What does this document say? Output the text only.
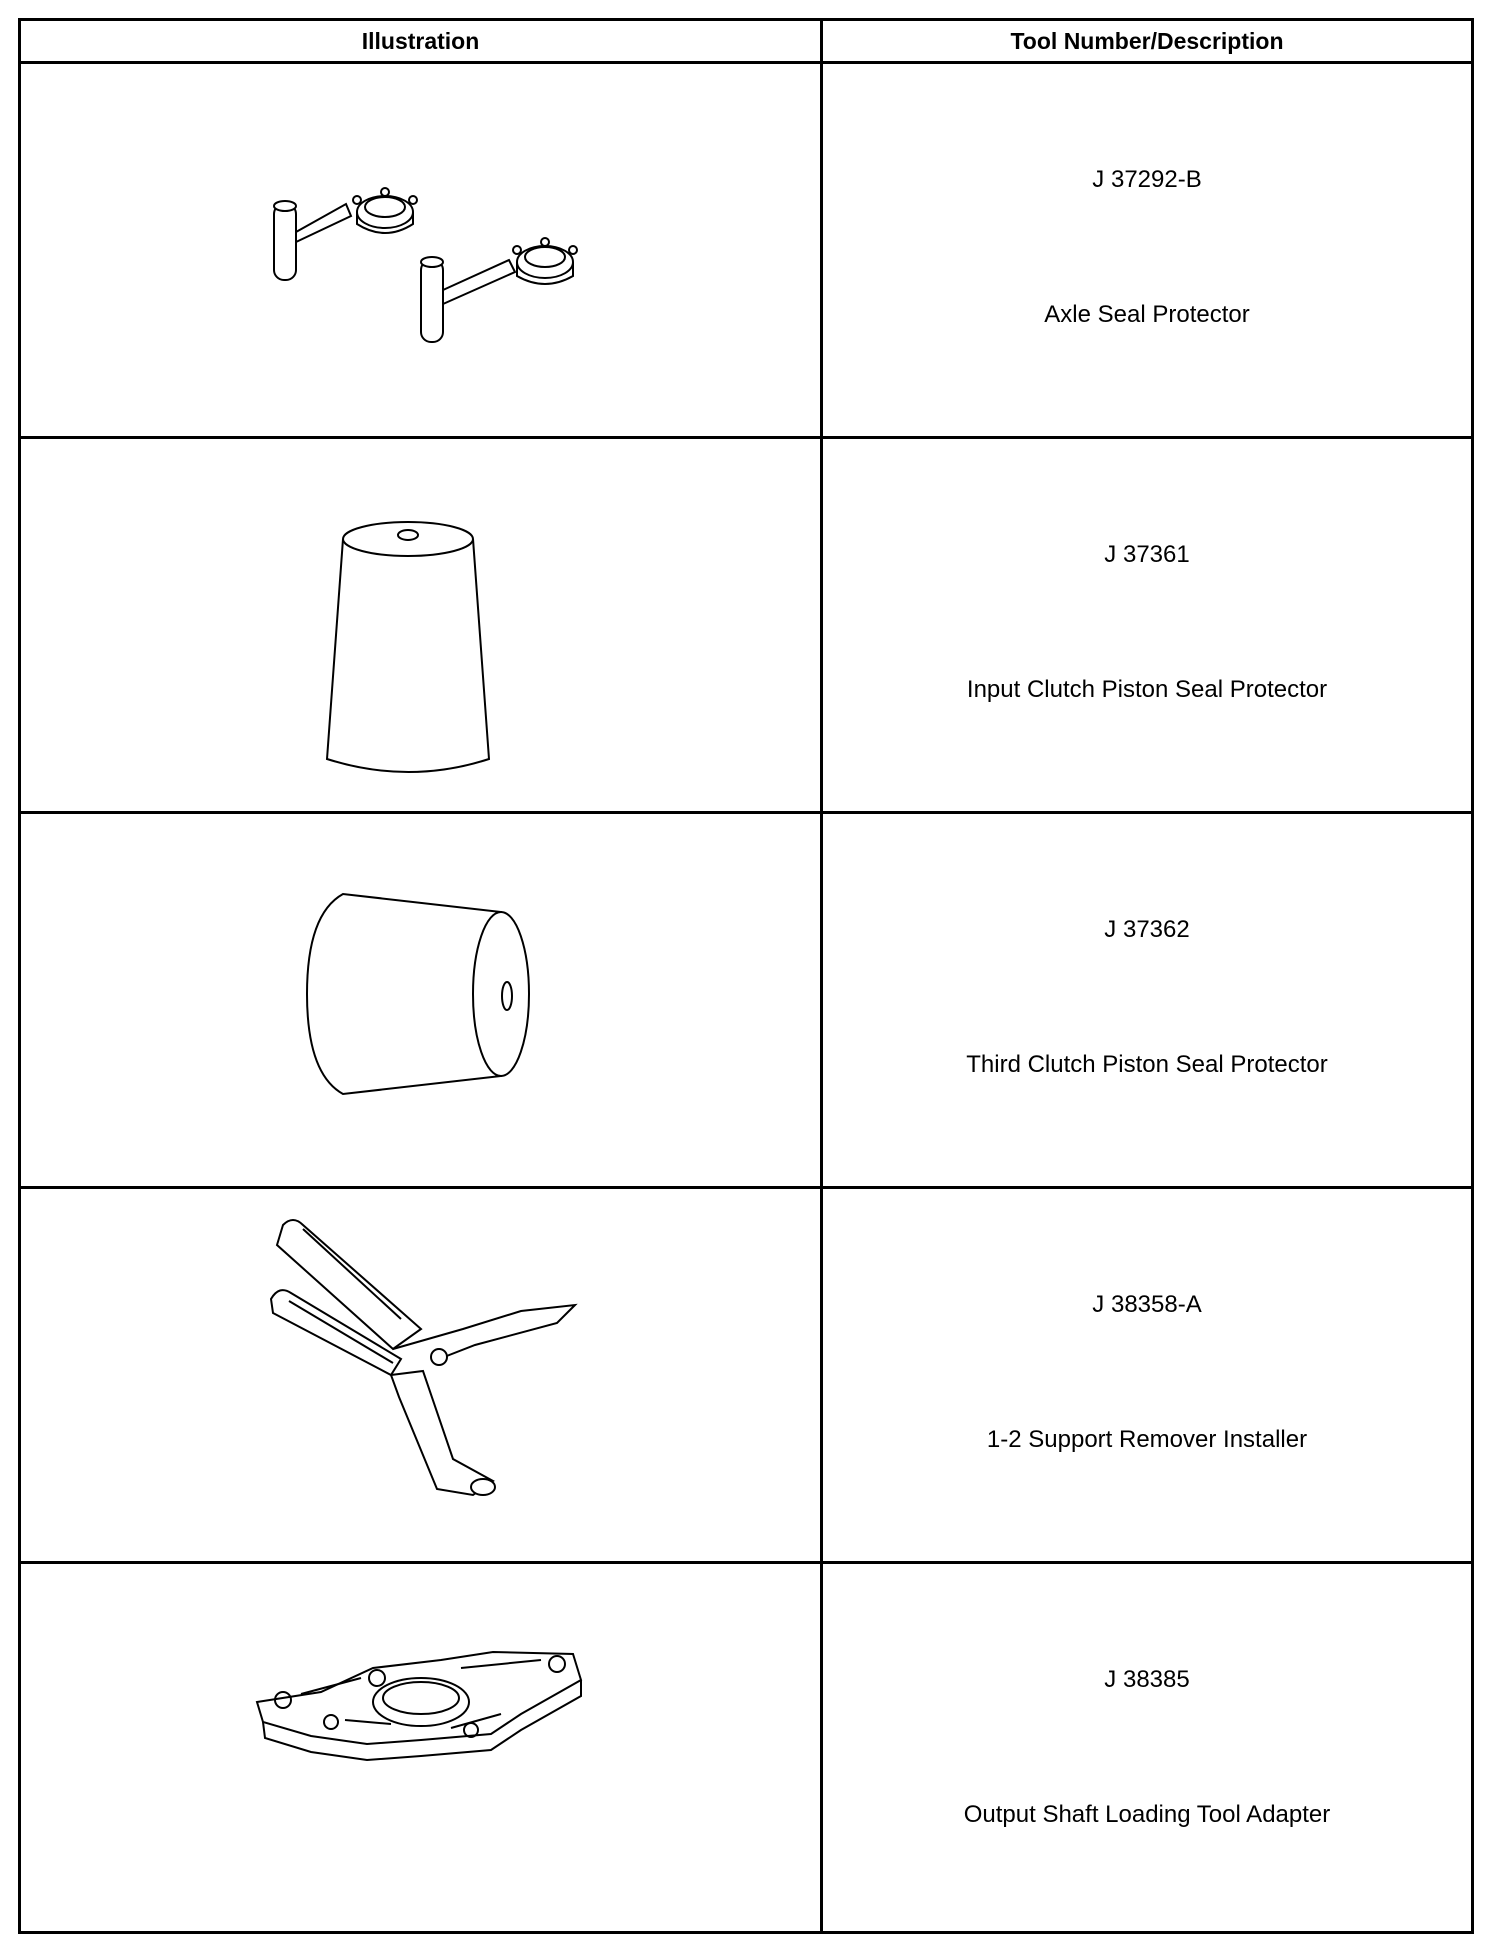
Illustration	Tool Number/Description
J 37292-B
Axle Seal Protector
J 37361
Input Clutch Piston Seal Protector
J 37362
Third Clutch Piston Seal Protector
J 38358-A
1-2 Support Remover Installer
J 38385
Output Shaft Loading Tool Adapter
